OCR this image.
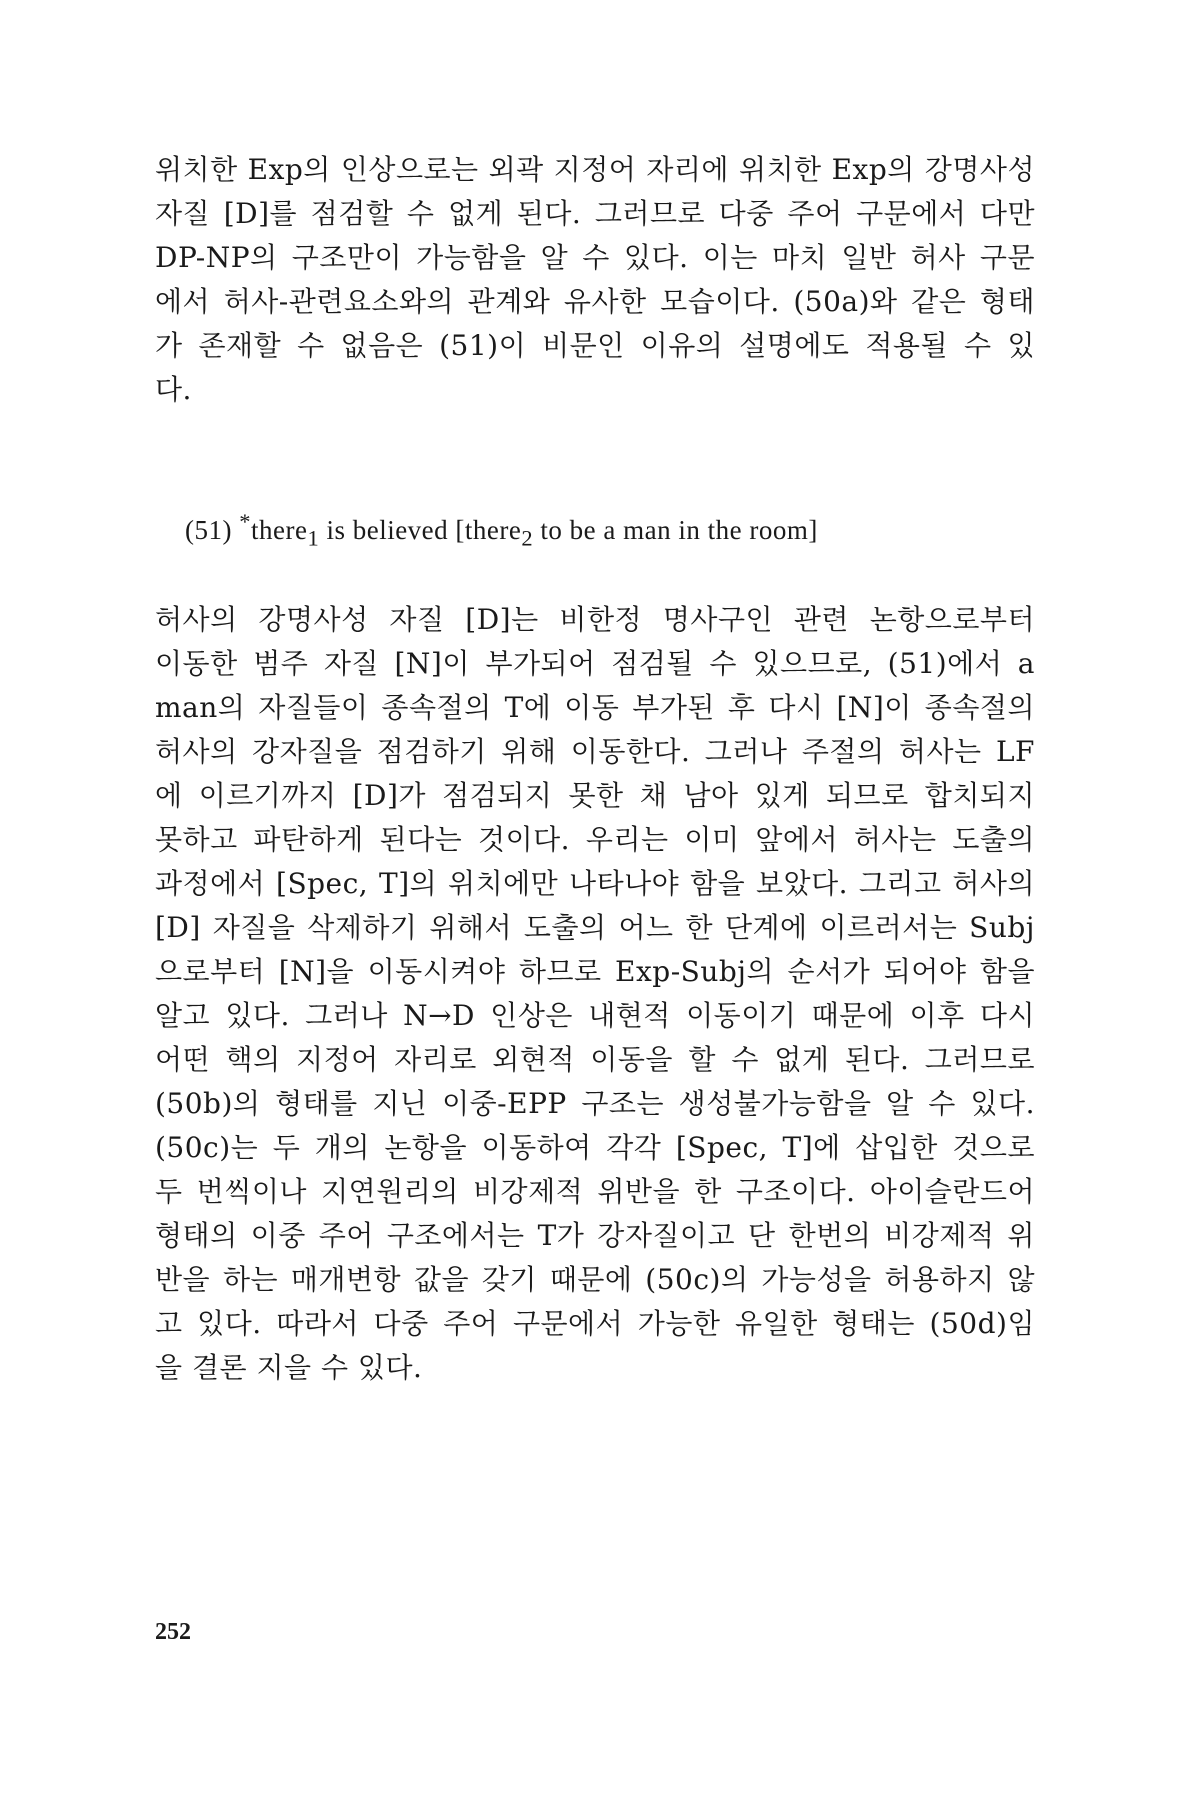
위치한 Exp의 인상으로는 외곽 지정어 자리에 위치한 Exp의 강명사성
자질 [D]를 점검할 수 없게 된다. 그러므로 다중 주어 구문에서 다만
DP-NP의 구조만이 가능함을 알 수 있다. 이는 마치 일반 허사 구문
에서 허사-관련요소와의 관계와 유사한 모습이다. (50a)와 같은 형태
가 존재할 수 없음은 (51)이 비문인 이유의 설명에도 적용될 수 있
다.
(51) *there$_1$ is believed [there$_2$ to be a man in the room]
허사의 강명사성 자질 [D]는 비한정 명사구인 관련 논항으로부터
이동한 범주 자질 [N]이 부가되어 점검될 수 있으므로, (51)에서 a
man의 자질들이 종속절의 T에 이동 부가된 후 다시 [N]이 종속절의
허사의 강자질을 점검하기 위해 이동한다. 그러나 주절의 허사는 LF
에 이르기까지 [D]가 점검되지 못한 채 남아 있게 되므로 합치되지
못하고 파탄하게 된다는 것이다. 우리는 이미 앞에서 허사는 도출의
과정에서 [Spec, T]의 위치에만 나타나야 함을 보았다. 그리고 허사의
[D] 자질을 삭제하기 위해서 도출의 어느 한 단계에 이르러서는 Subj
으로부터 [N]을 이동시켜야 하므로 Exp-Subj의 순서가 되어야 함을
알고 있다. 그러나 N→D 인상은 내현적 이동이기 때문에 이후 다시
어떤 핵의 지정어 자리로 외현적 이동을 할 수 없게 된다. 그러므로
(50b)의 형태를 지닌 이중-EPP 구조는 생성불가능함을 알 수 있다.
(50c)는 두 개의 논항을 이동하여 각각 [Spec, T]에 삽입한 것으로
두 번씩이나 지연원리의 비강제적 위반을 한 구조이다. 아이슬란드어
형태의 이중 주어 구조에서는 T가 강자질이고 단 한번의 비강제적 위
반을 하는 매개변항 값을 갖기 때문에 (50c)의 가능성을 허용하지 않
고 있다. 따라서 다중 주어 구문에서 가능한 유일한 형태는 (50d)임
을 결론 지을 수 있다.
252
